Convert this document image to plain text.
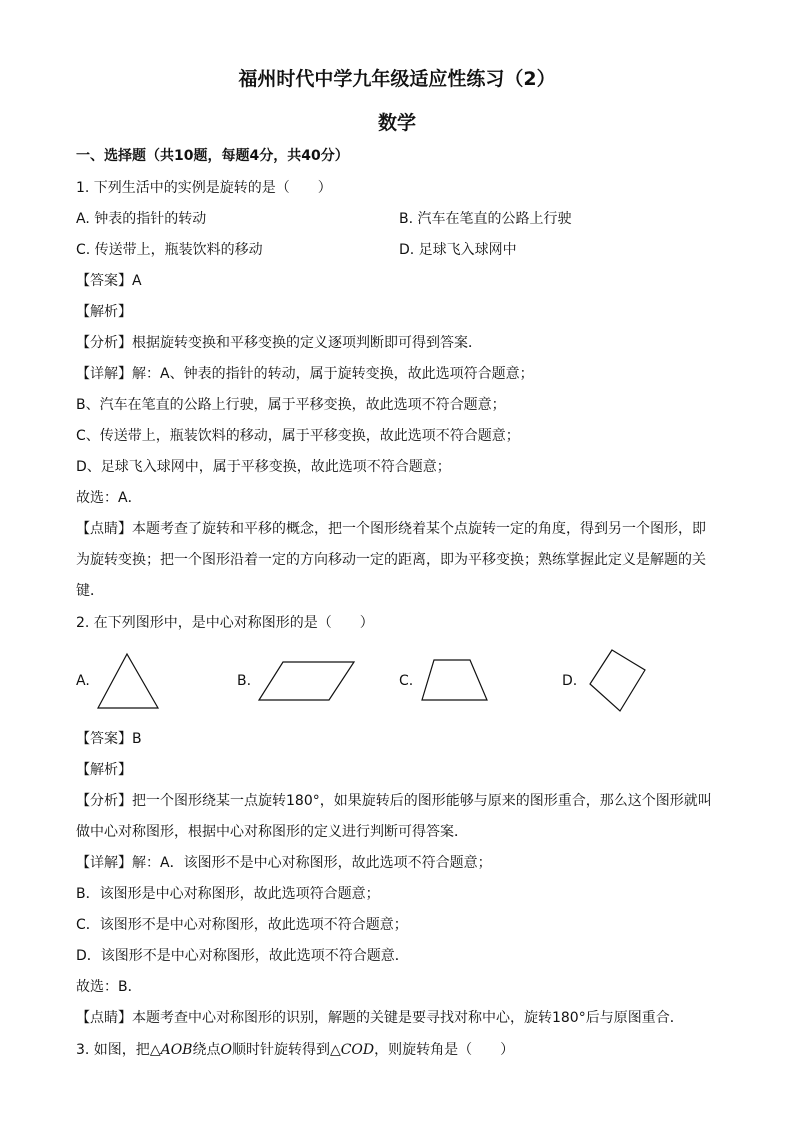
福州时代中学九年级适应性练习（2）
数学
一、选择题（共10题，每题4分，共40分）
1. 下列生活中的实例是旋转的是（　　）
A. 钟表的指针的转动	B. 汽车在笔直的公路上行驶
C. 传送带上，瓶装饮料的移动	D. 足球飞入球网中
【答案】A
【解析】
【分析】根据旋转变换和平移变换的定义逐项判断即可得到答案．
【详解】解：A、钟表的指针的转动，属于旋转变换，故此选项符合题意；
B、汽车在笔直的公路上行驶，属于平移变换，故此选项不符合题意；
C、传送带上，瓶装饮料的移动，属于平移变换，故此选项不符合题意；
D、足球飞入球网中，属于平移变换，故此选项不符合题意；
故选：A．
【点睛】本题考查了旋转和平移的概念，把一个图形绕着某个点旋转一定的角度，得到另一个图形，即
为旋转变换；把一个图形沿着一定的方向移动一定的距离，即为平移变换；熟练掌握此定义是解题的关
键．
2. 在下列图形中，是中心对称图形的是（　　）
A.	B.	C.	D.
【答案】B
【解析】
【分析】把一个图形绕某一点旋转180°，如果旋转后的图形能够与原来的图形重合，那么这个图形就叫
做中心对称图形，根据中心对称图形的定义进行判断可得答案．
【详解】解：A．该图形不是中心对称图形，故此选项不符合题意；
B．该图形是中心对称图形，故此选项符合题意；
C．该图形不是中心对称图形，故此选项不符合题意；
D．该图形不是中心对称图形，故此选项不符合题意．
故选：B．
【点睛】本题考查中心对称图形的识别，解题的关键是要寻找对称中心，旋转180°后与原图重合．
3. 如图，把△AOB绕点O顺时针旋转得到△COD，则旋转角是（　　）
